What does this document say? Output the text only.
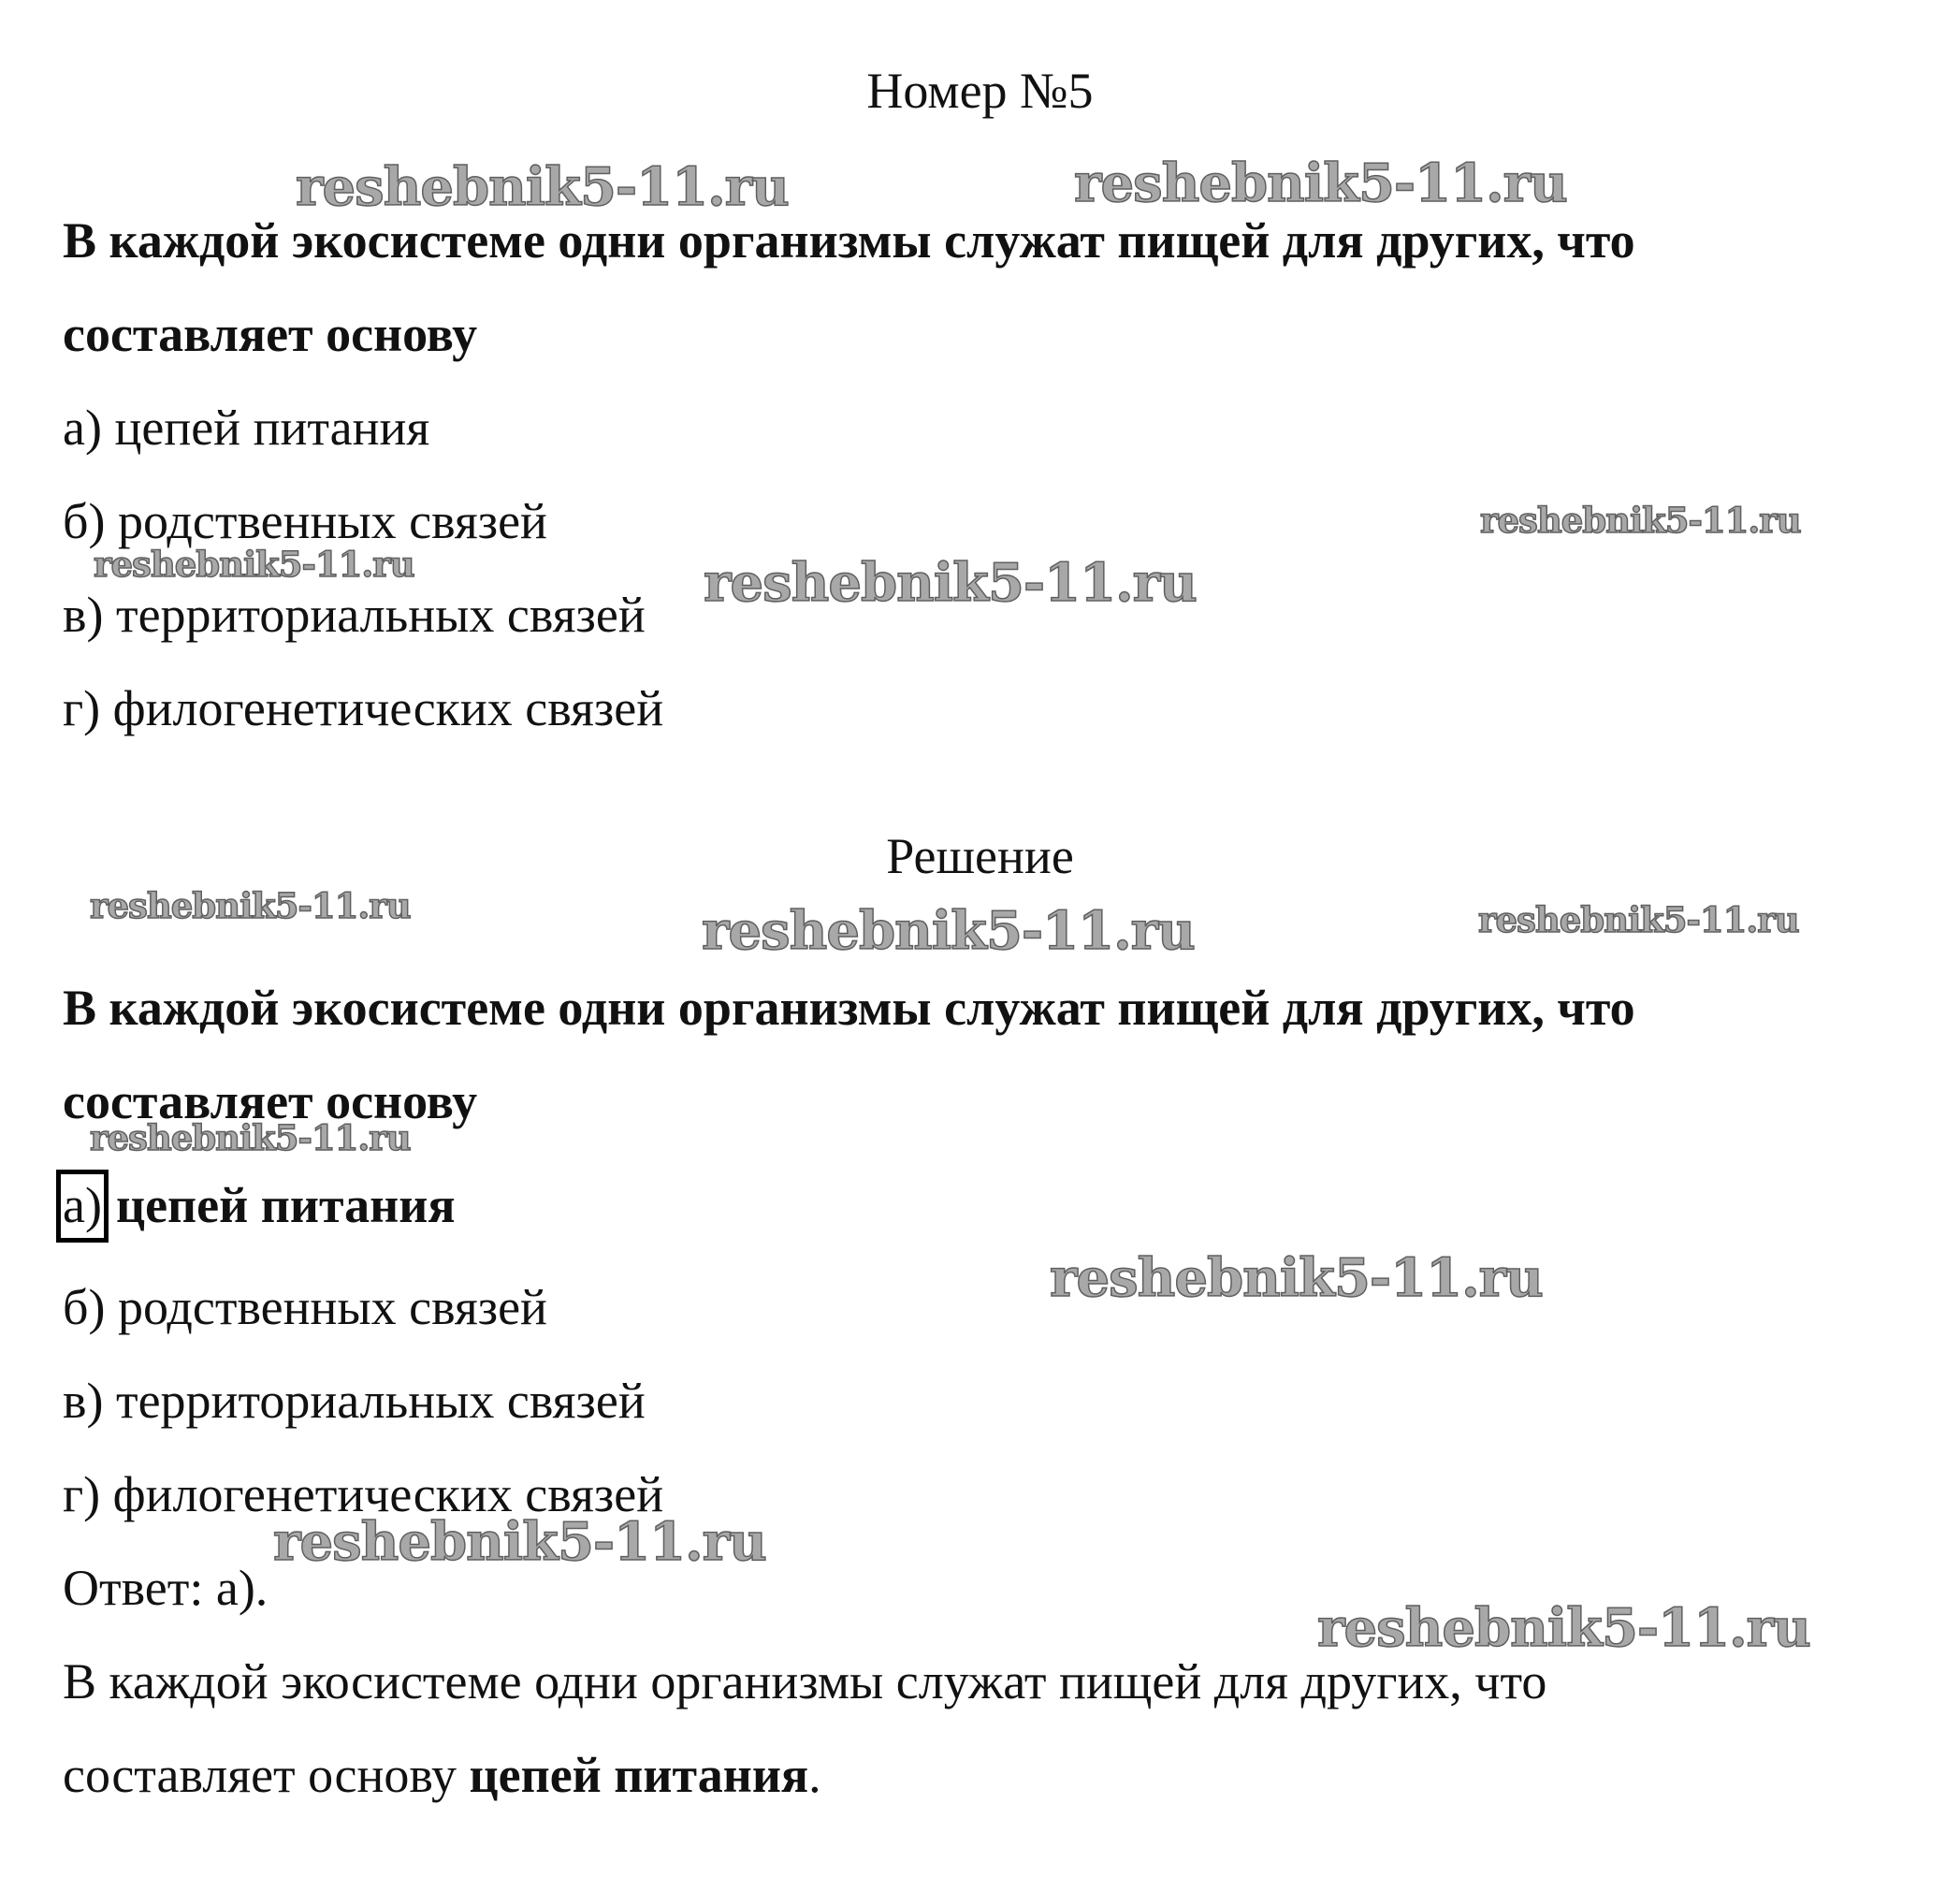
Номер №5
В каждой экосистеме одни организмы служат пищей для других, что
составляет основу
а) цепей питания
б) родственных связей
в) территориальных связей
г) филогенетических связей
Решение
В каждой экосистеме одни организмы служат пищей для других, что
составляет основу
а) цепей питания
б) родственных связей
в) территориальных связей
г) филогенетических связей
Ответ: а).
В каждой экосистеме одни организмы служат пищей для других, что
составляет основу цепей питания.
reshebnik5-11.ru	reshebnik5-11.ru
reshebnik5-11.ru
reshebnik5-11.ru	reshebnik5-11.ru
reshebnik5-11.ru	reshebnik5-11.ru	reshebnik5-11.ru
reshebnik5-11.ru
reshebnik5-11.ru
reshebnik5-11.ru
reshebnik5-11.ru
